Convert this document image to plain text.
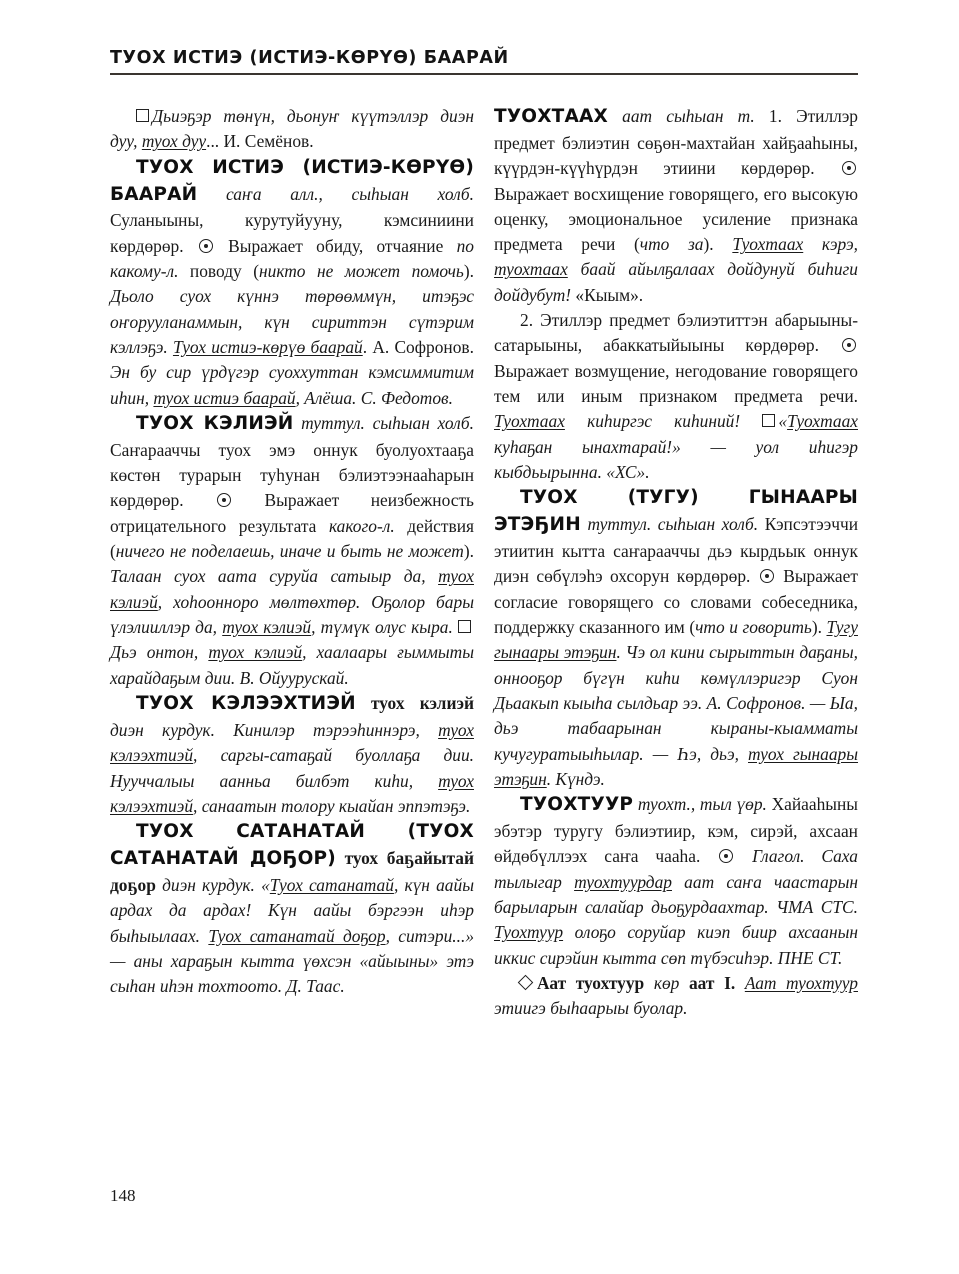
ТУОХ ИСТИЭ (ИСТИЭ-КӨРҮӨ) БААРАЙ

Дьиэҕэр төнүн, дьонуҥ күүтэллэр диэн дуу, туох дуу... И. Семёнов.

ТУОХ ИСТИЭ (ИСТИЭ-КӨРҮӨ) БААРАЙ саҥа алл., сыһыан холб. Суланыыны, курутуйууну, кэмсиниини көрдөрөр.	Выражает обиду, отчаяние по какому-л. поводу (никто не может помочь). Дьоло суох күннэ төрөөммүн, итэҕэс оҥорууланаммын, күн сириттэн сүтэрим кэллэҕэ. Туох истиэ-көрүө баарай. А. Софронов. Эн бу сир үрдүгэр суоххуттан кэмсиммитим иһин, туох истиэ баарай, Алёша. С. Федотов.

ТУОХ КЭЛИЭЙ туттул. сыһыан холб. Саҥарааччы туох эмэ оннук буолуохтааҕа көстөн турарын туһунан бэлиэтээнааһарын көрдөрөр.	Выражает неизбежность отрицательного результата какого-л. действия (ничего не поделаешь, иначе и быть не может). Талаан суох аата суруйа сатыыр да, туох кэлиэй, хоһоонноро мөлтөхтөр. Оҕолор бары үлэлииллэр да, туох кэлиэй, түмүк олус кыра.  Дьэ онтон, туох кэлиэй, хаалаары ғыммыты харайдаҕым дии. В. Ойуурускай.

ТУОХ КЭЛЭЭХТИЭЙ туох кэлиэй диэн курдук. Кинилэр тэрээһиннэрэ, туох кэлээхтиэй, саргы-сатаҕай буоллаҕа дии. Нууччалыы аанньа билбэт киһи, туох кэлээхтиэй, санаатын толору кыайан эппэтэҕэ.

ТУОХ САТАНАТАЙ (ТУОХ САТАНАТАЙ ДОҔОР) туох баҕайытай доҕор диэн курдук. «Туох сатанатай, күн аайы ардах да ардах! Күн аайы бэргээн иһэр быһыылаах. Туох сатанатай доҕор, ситэри...» — аны хараҕын кытта үөхсэн «айыыны» этэ сыһан иһэн тохтоото. Д. Таас.

ТУОХТААХ аат сыһыан т. 1. Этиллэр предмет бэлиэтин сөҕөн-махтайан хайҕааһыны, күүрдэн-күүһүрдэн этиини көрдөрөр.  Выражает восхищение говорящего, его высокую оценку, эмоциональное усиление признака предмета речи (что за). Туохтаах кэрэ, туохтаах баай айылҕалаах дойдунуй биһиги дойдубут! «Кыым».

2. Этиллэр предмет бэлиэтиттэн абарыыны-сатарыыны, абаккатыйыыны көрдөрөр.  Выражает возмущение, негодование говорящего тем или иным признаком предмета речи. Туохтаах киһиргэс киһиний! «Туохтаах куһаҕан ынахтарай!» — уол иһигэр кыбдьырынна. «ХС».

ТУОХ (ТУГУ) ГЫНААРЫ ЭТЭҔИН туттул. сыһыан холб. Кэпсэтээччи этиитин кытта саҥарааччы дьэ кырдьык оннук диэн сөбүлэһэ охсорун көрдөрөр. Выражает согласие говорящего со словами собеседника, поддержку сказанного им (что и говорить). Тугу гынаары этэҕин. Чэ ол кини сырыттын даҕаны, оннооҕор бүгүн киһи көмүллэригэр Суон Дьаакып кыыһа сылдьар ээ. А. Софронов. — Ыа, дьэ табаарынан кыраны-кыамматы кучугуратыыһылар. — Һэ, дьэ, туох гынаары этэҕин. Күндэ.

ТУОХТУУР туохт., тыл үөр. Хайааһыны эбэтэр туругу бэлиэтиир, кэм, сирэй, ахсаан өйдөбүллээх саҥа чааһа.	Глагол. Саха тылыгар туохтуурдар аат саҥа чаастарын барыларын салайар дьоҕурдаахтар. ЧМА СТС. Туохтуур олоҕо соруйар киэп биир ахсаанын иккис сирэйин кытта сөп түбэсиһэр. ПНЕ СТ.

Аат туохтуур көр аат I. Аат туохтуур этиигэ быһаарыы буолар.

148
